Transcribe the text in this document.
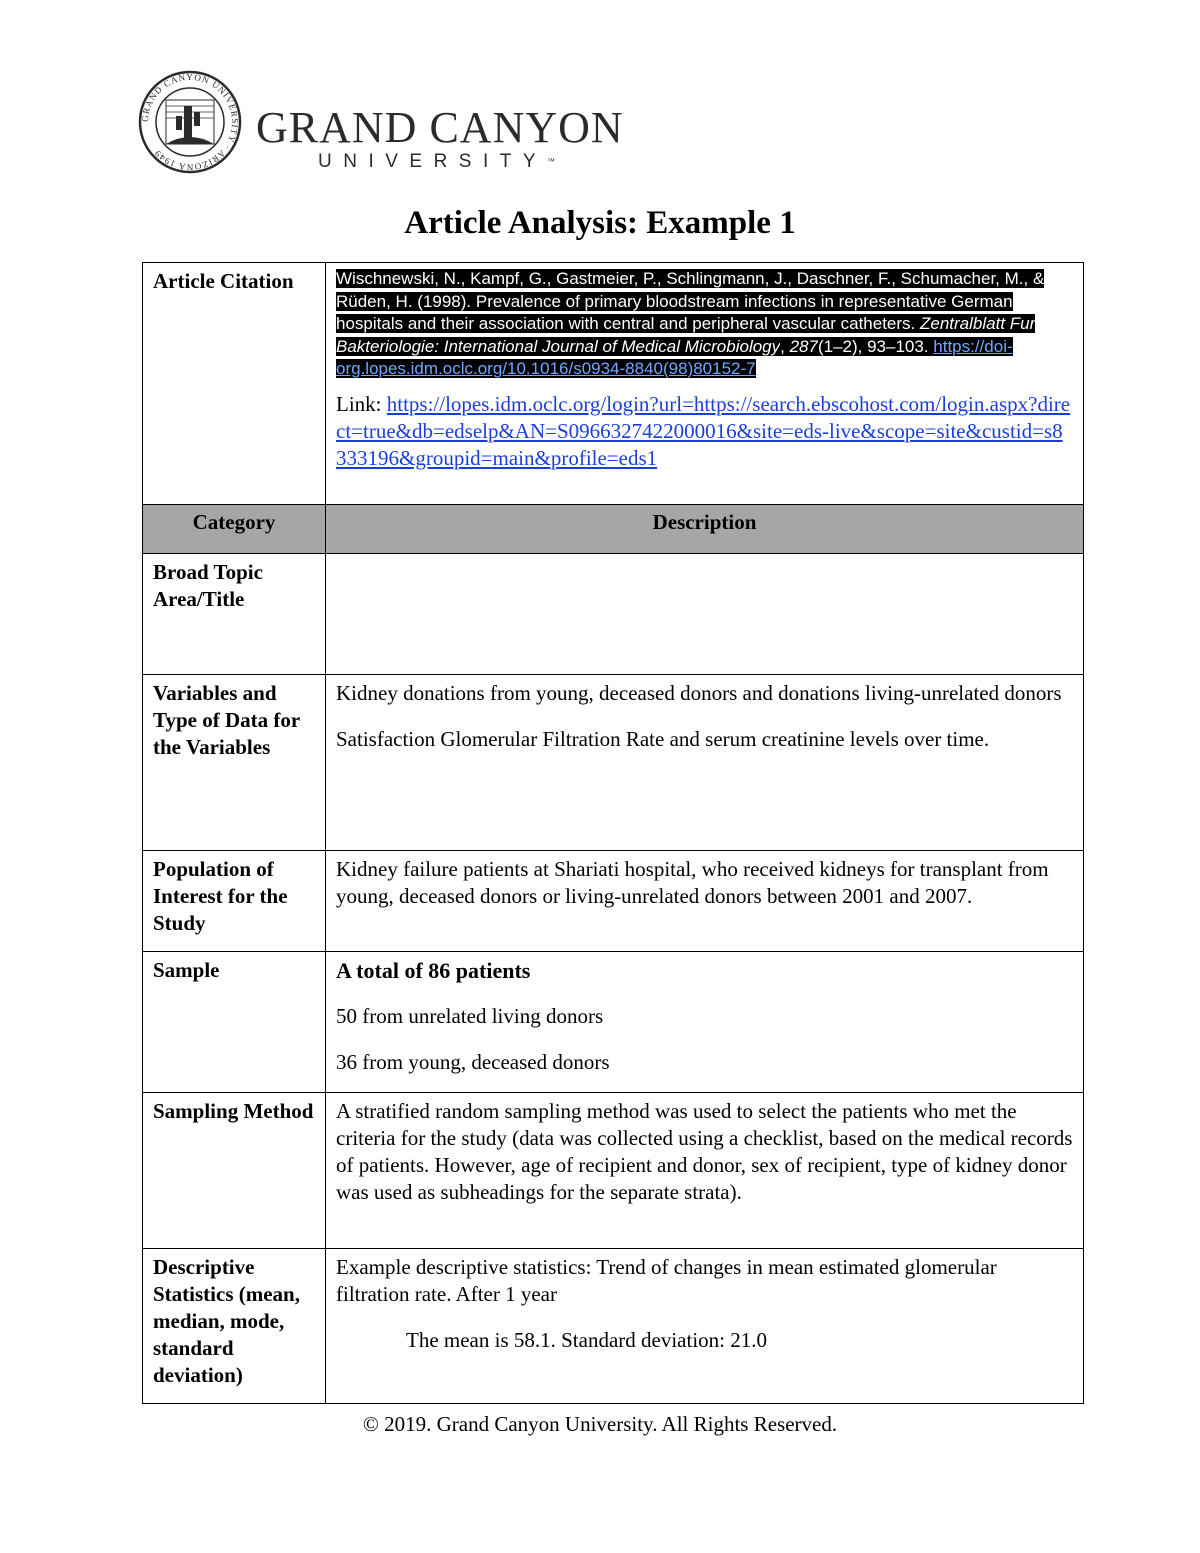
GRAND CANYON UNIVERSITY · ARIZONA 1949
GRAND CANYON
UNIVERSITY™
Article Analysis: Example 1
Article Citation	Wischnewski, N., Kampf, G., Gastmeier, P., Schlingmann, J., Daschner, F., Schumacher, M., & Rüden, H. (1998). Prevalence of primary bloodstream infections in representative German hospitals and their association with central and peripheral vascular catheters. Zentralblatt Fur Bakteriologie: International Journal of Medical Microbiology, 287(1–2), 93–103. https://doi-org.lopes.idm.oclc.org/10.1016/s0934-8840(98)80152-7
Link: https://lopes.idm.oclc.org/login?url=https://search.ebscohost.com/login.aspx?direct=true&db=edselp&AN=S0966327422000016&site=eds-live&scope=site&custid=s8333196&groupid=main&profile=eds1

Category	Description
Broad Topic Area/Title	
Variables and Type of Data for the Variables	Kidney donations from young, deceased donors and donations living-unrelated donors

Satisfaction Glomerular Filtration Rate and serum creatinine levels over time.

Population of Interest for the Study	Kidney failure patients at Shariati hospital, who received kidneys for transplant from young, deceased donors or living-unrelated donors between 2001 and 2007.
Sample	A total of 86 patients

50 from unrelated living donors

36 from young, deceased donors

Sampling Method	A stratified random sampling method was used to select the patients who met the criteria for the study (data was collected using a checklist, based on the medical records of patients. However, age of recipient and donor, sex of recipient, type of kidney donor was used as subheadings for the separate strata).
Descriptive Statistics (mean, median, mode, standard deviation)	Example descriptive statistics: Trend of changes in mean estimated glomerular filtration rate. After 1 year

The mean is 58.1. Standard deviation: 21.0

© 2019. Grand Canyon University. All Rights Reserved.
